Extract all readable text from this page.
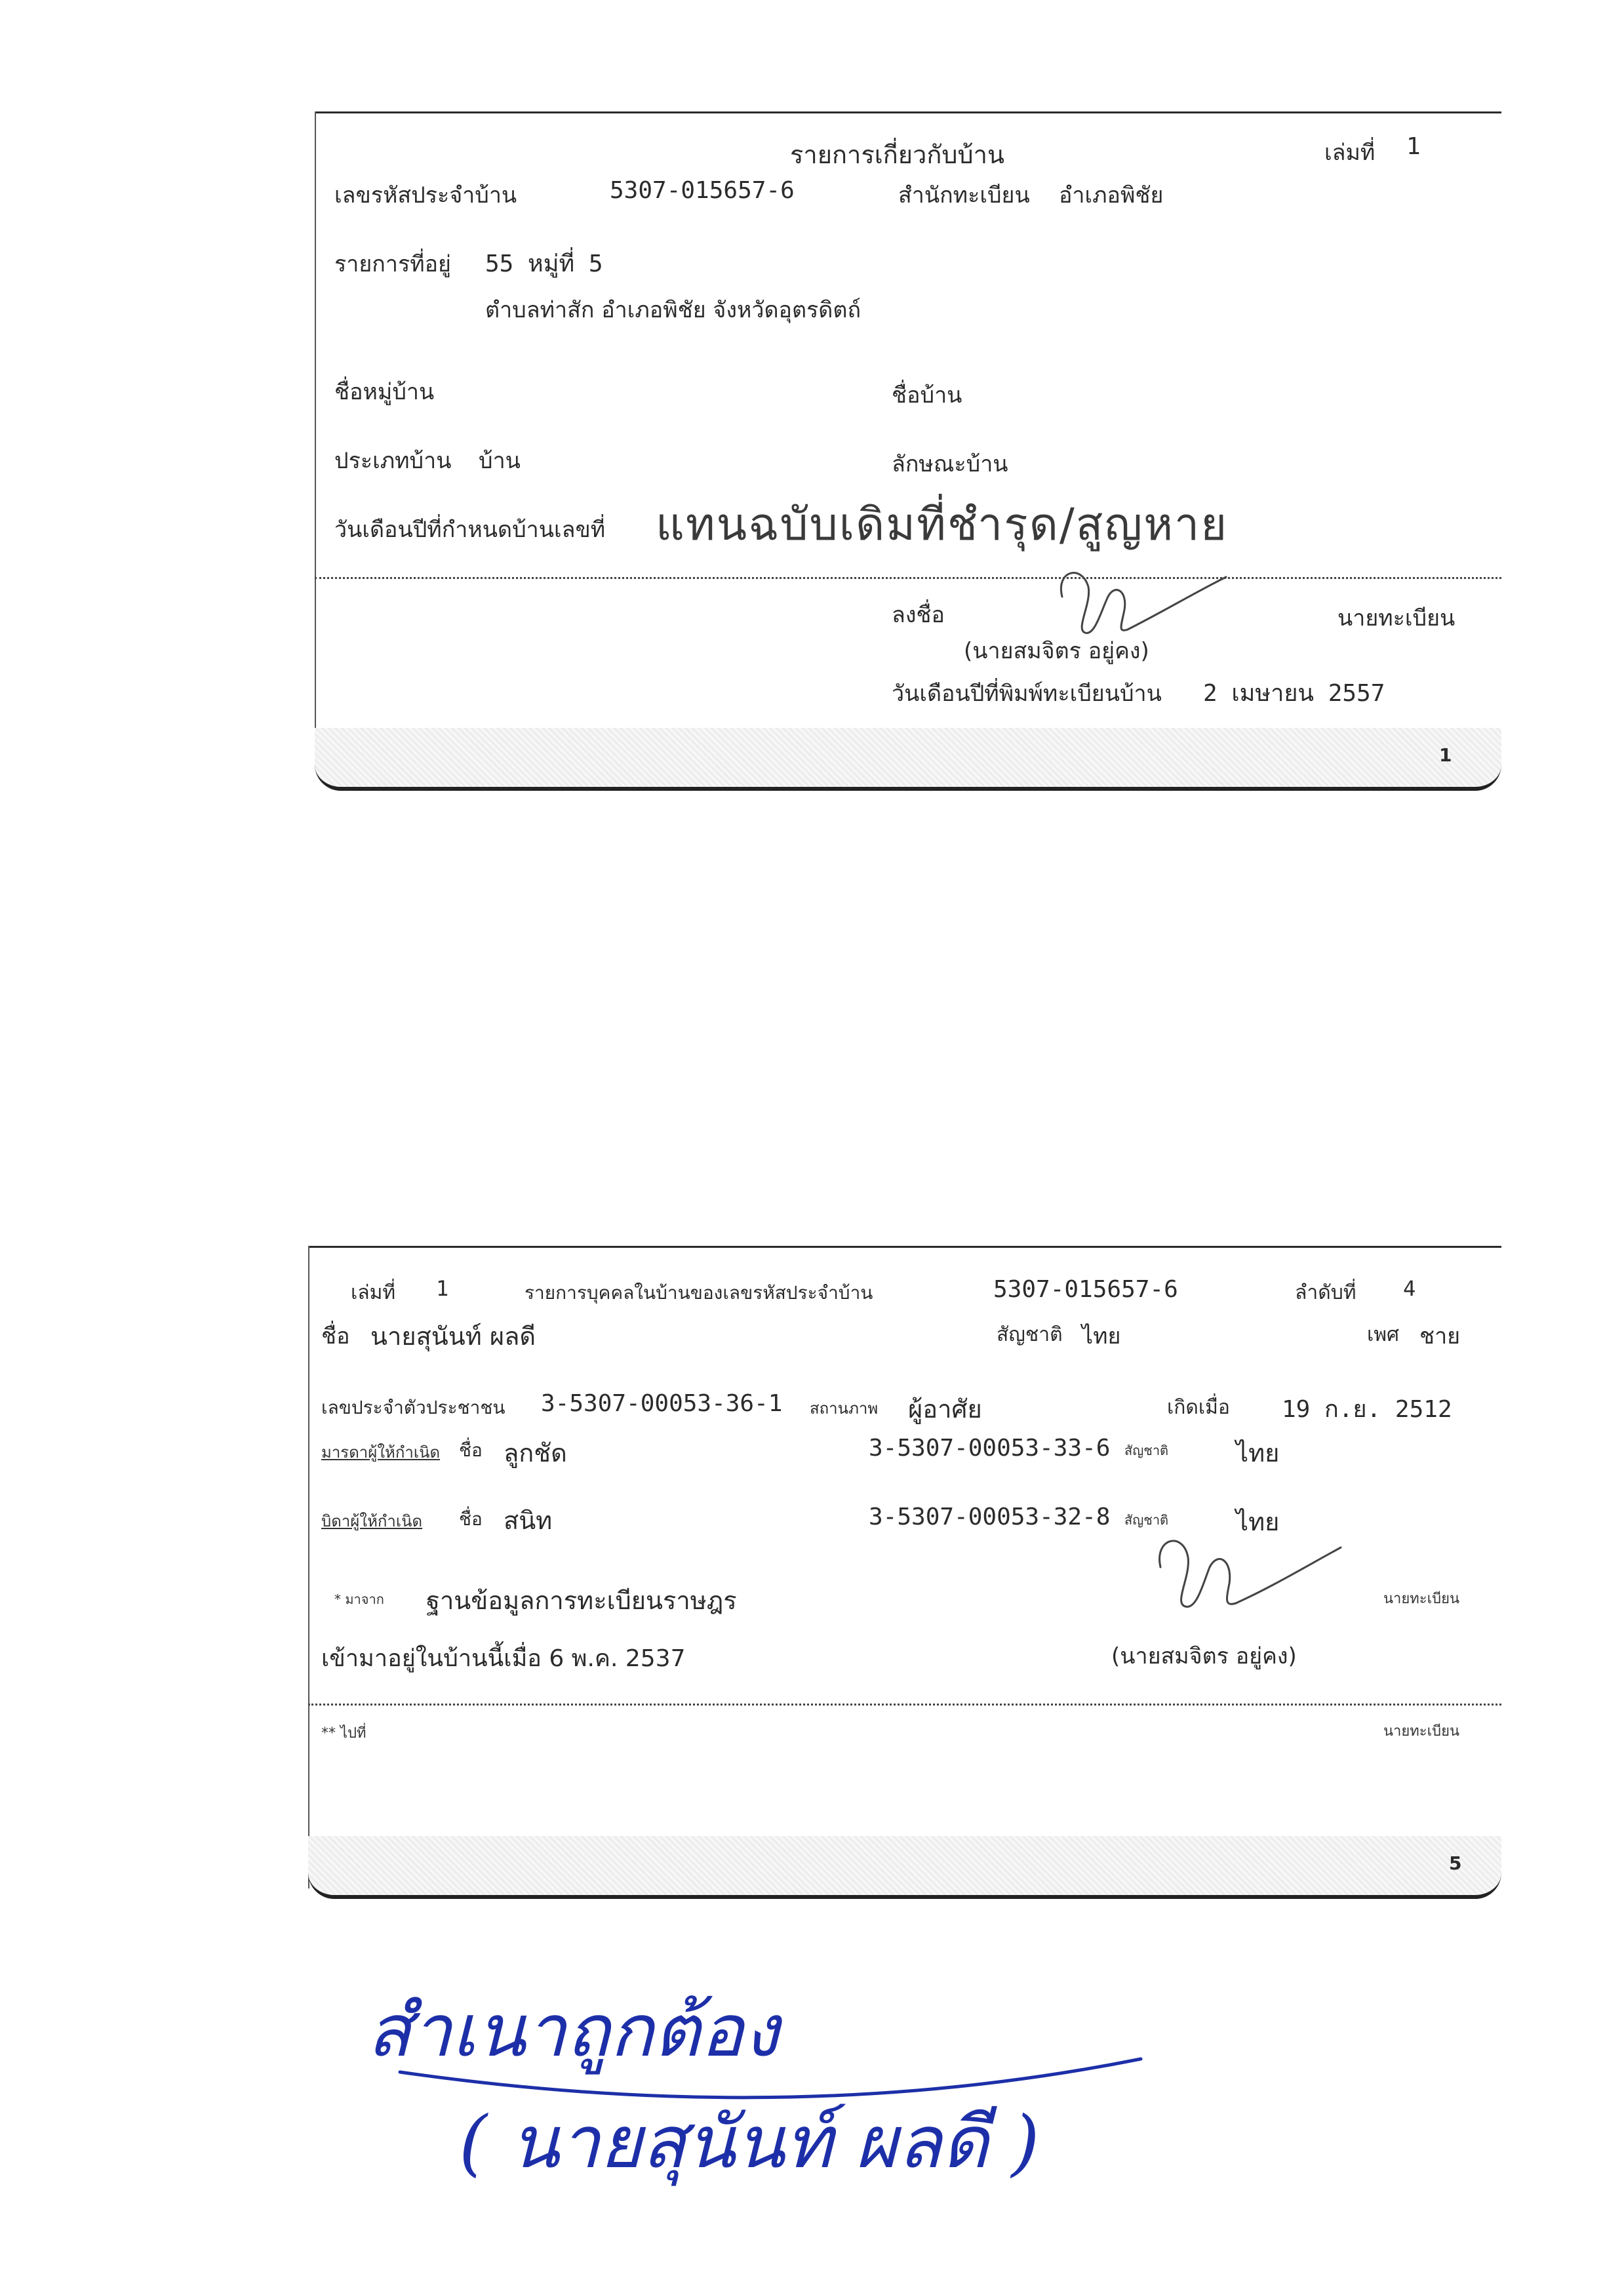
รายการเกี่ยวกับบ้าน	เล่มที่ 1
เลขรหัสประจำบ้าน	5307-015657-6	สำนักทะเบียน อำเภอพิชัย
รายการที่อยู่ 55 หมู่ที่ 5
ตำบลท่าสัก อำเภอพิชัย จังหวัดอุตรดิตถ์
ชื่อหมู่บ้าน	ชื่อบ้าน
ประเภทบ้าน บ้าน	ลักษณะบ้าน
วันเดือนปีที่กำหนดบ้านเลขที่ แทนฉบับเดิมที่ชำรุด/สูญหาย
ลงชื่อ	นายทะเบียน
(นายสมจิตร อยู่คง)
วันเดือนปีที่พิมพ์ทะเบียนบ้าน 2 เมษายน 2557
1
เล่มที่ 1	รายการบุคคลในบ้านของเลขรหัสประจำบ้าน	5307-015657-6	ลำดับที่ 4
ชื่อ นายสุนันท์ ผลดี	สัญชาติ ไทย	เพศ ชาย
เลขประจำตัวประชาชน 3-5307-00053-36-1 สถานภาพ ผู้อาศัย	เกิดเมื่อ 19 ก.ย. 2512
มารดาผู้ให้กำเนิด ชื่อ ลูกชัด	3-5307-00053-33-6 สัญชาติ	ไทย
บิดาผู้ให้กำเนิด ชื่อ สนิท	3-5307-00053-32-8 สัญชาติ	ไทย
* มาจาก ฐานข้อมูลการทะเบียนราษฎร	นายทะเบียน
เข้ามาอยู่ในบ้านนี้เมื่อ 6 พ.ค. 2537	(นายสมจิตร อยู่คง)
** ไปที่	นายทะเบียน
5
สำเนาถูกต้อง
( นายสุนันท์ ผลดี )
